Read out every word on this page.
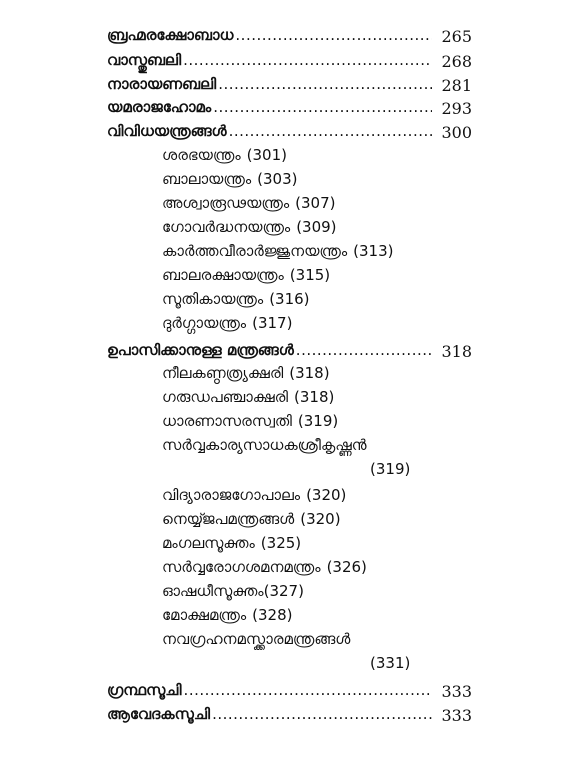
ബ്രഹ്മരക്ഷോബാധ .....	265
വാസ്തുബലി .....	268
നാരായണബലി .....	281
യമരാജഹോമം .....	293
വിവിധയന്ത്രങ്ങൾ .....	300
ശരഭയന്ത്രം (301)
ബാലായന്ത്രം (303)
അശ്വാരൂഢയന്ത്രം (307)
ഗോവർദ്ധനയന്ത്രം (309)
കാർത്തവീരാർജ്ജുനയന്ത്രം (313)
ബാലരക്ഷായന്ത്രം (315)
സൂതികായന്ത്രം (316)
ദുർഗ്ഗായന്ത്രം (317)
ഉപാസിക്കാനുള്ള മന്ത്രങ്ങൾ .....	318
നീലകണ്ഠത്ര്യക്ഷരി (318)
ഗരുഡപഞ്ചാക്ഷരി (318)
ധാരണാസരസ്വതി (319)
സർവ്വകാര്യസാധകശ്രീകൃഷ്ണൻ
(319)
വിദ്യാരാജഗോപാലം (320)
നെയ്യ്ജപമന്ത്രങ്ങൾ (320)
മംഗലസൂക്തം (325)
സർവ്വരോഗശമനമന്ത്രം (326)
ഓഷധീസൂക്തം (327)
മോക്ഷമന്ത്രം (328)
നവഗ്രഹനമസ്ക്കാരമന്ത്രങ്ങൾ
(331)
ഗ്രന്ഥസൂചി .....	333
ആവേദകസൂചി .....	333
